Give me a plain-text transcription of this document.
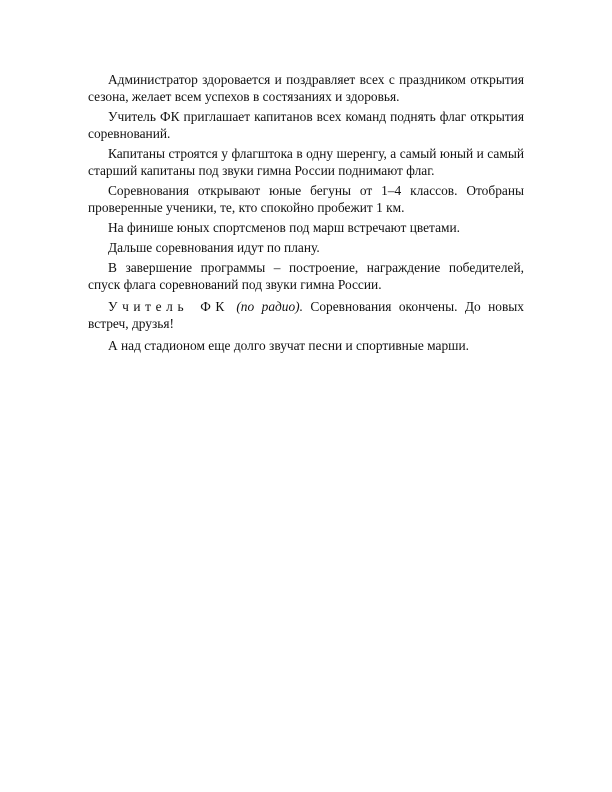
Администратор здоровается и поздравляет всех с праздником открытия сезона, желает всем успехов в состязаниях и здоровья.

Учитель ФК приглашает капитанов всех команд поднять флаг открытия соревнований.

Капитаны строятся у флагштока в одну шеренгу, а самый юный и самый старший капитаны под звуки гимна России поднимают флаг.

Соревнования открывают юные бегуны от 1–4 классов. Отобраны проверенные ученики, те, кто спокойно пробежит 1 км.

На финише юных спортсменов под марш встречают цветами.

Дальше соревнования идут по плану.

В завершение программы – построение, награждение победителей, спуск флага соревнований под звуки гимна России.

Учитель ФК (по радио). Соревнования окончены. До новых встреч, друзья!

А над стадионом еще долго звучат песни и спортивные марши.
